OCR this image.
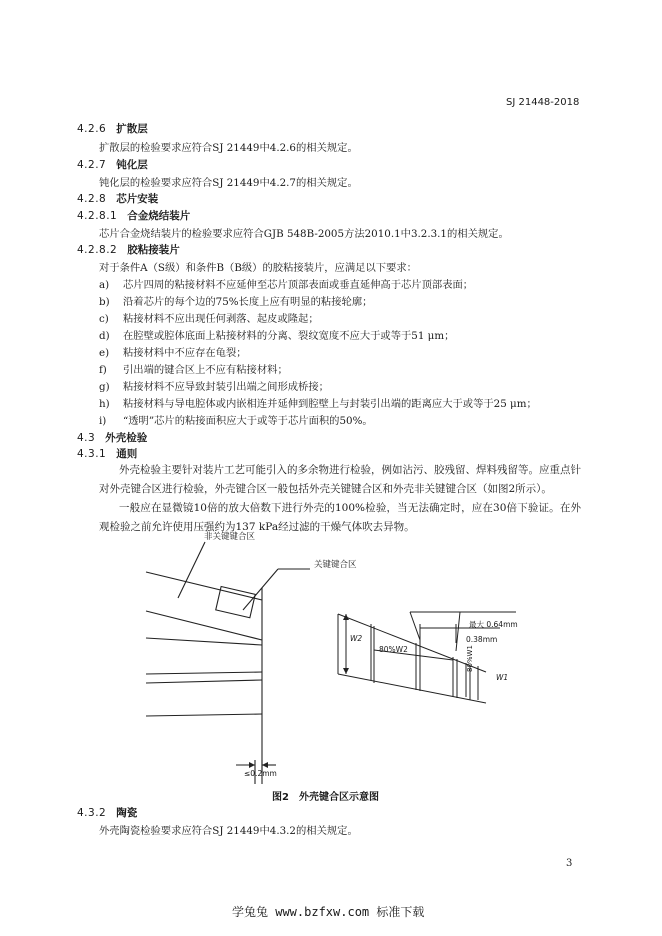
SJ 21448-2018
4.2.6 扩散层
扩散层的检验要求应符合SJ 21449中4.2.6的相关规定。
4.2.7 钝化层
钝化层的检验要求应符合SJ 21449中4.2.7的相关规定。
4.2.8 芯片安装
4.2.8.1 合金烧结装片
芯片合金烧结装片的检验要求应符合GJB 548B-2005方法2010.1中3.2.3.1的相关规定。
4.2.8.2 胶粘接装片
对于条件A（S级）和条件B（B级）的胶粘接装片，应满足以下要求：
a) 芯片四周的粘接材料不应延伸至芯片顶部表面或垂直延伸高于芯片顶部表面；
b) 沿着芯片的每个边的75%长度上应有明显的粘接轮廓；
c) 粘接材料不应出现任何剥落、起皮或隆起；
d) 在腔壁或腔体底面上粘接材料的分离、裂纹宽度不应大于或等于51 μm；
e) 粘接材料中不应存在龟裂；
f) 引出端的键合区上不应有粘接材料；
g) 粘接材料不应导致封装引出端之间形成桥接；
h) 粘接材料与导电腔体或内嵌相连并延伸到腔壁上与封装引出端的距离应大于或等于25 μm；
i) “透明”芯片的粘接面积应大于或等于芯片面积的50%。
4.3 外壳检验
4.3.1 通则
外壳检验主要针对装片工艺可能引入的多余物进行检验，例如沾污、胶残留、焊料残留等。应重点针对外壳键合区进行检验，外壳键合区一般包括外壳关键键合区和外壳非关键键合区（如图2所示）。
一般应在显微镜10倍的放大倍数下进行外壳的100%检验，当无法确定时，应在30倍下验证。在外观检验之前允许使用压强约为137 kPa经过滤的干燥气体吹去异物。
非关键键合区
关键键合区
最大 0.64mm
0.38mm
W2
80%W2
W1
80%W1
≤0.2mm
图2　外壳键合区示意图
4.3.2 陶瓷
外壳陶瓷检验要求应符合SJ 21449中4.3.2的相关规定。
3
学兔兔 www.bzfxw.com 标准下载
